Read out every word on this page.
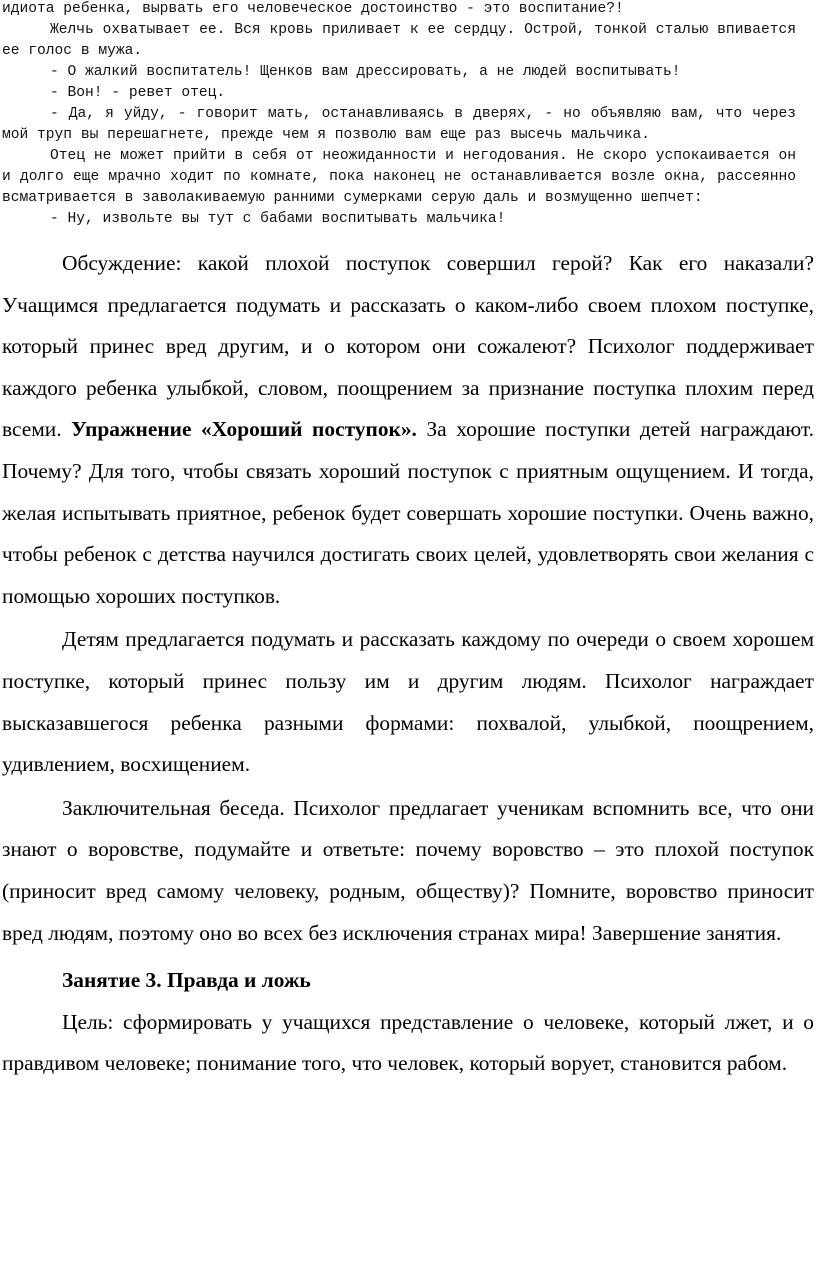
идиота ребенка, вырвать его человеческое достоинство - это воспитание?!

Желчь охватывает ее. Вся кровь приливает к ее сердцу. Острой, тонкой сталью впивается ее голос в мужа.

- О жалкий воспитатель! Щенков вам дрессировать, а не людей воспитывать!

- Вон! - ревет отец.

- Да, я уйду, - говорит мать, останавливаясь в дверях, - но объявляю вам, что через мой труп вы перешагнете, прежде чем я позволю вам еще раз высечь мальчика.

Отец не может прийти в себя от неожиданности и негодования. Не скоро успокаивается он и долго еще мрачно ходит по комнате, пока наконец не останавливается возле окна, рассеянно всматривается в заволакиваемую ранними сумерками серую даль и возмущенно шепчет:

- Ну, извольте вы тут с бабами воспитывать мальчика!

Обсуждение: какой плохой поступок совершил герой? Как его наказали? Учащимся предлагается подумать и рассказать о каком-либо своем плохом поступке, который принес вред другим, и о котором они сожалеют? Психолог поддерживает каждого ребенка улыбкой, словом, поощрением за признание поступка плохим перед всеми. Упражнение «Хороший поступок». За хорошие поступки детей награждают. Почему? Для того, чтобы связать хороший поступок с приятным ощущением. И тогда, желая испытывать приятное, ребенок будет совершать хорошие поступки. Очень важно, чтобы ребенок с детства научился достигать своих целей, удовлетворять свои желания с помощью хороших поступков.

Детям предлагается подумать и рассказать каждому по очереди о своем хорошем поступке, который принес пользу им и другим людям. Психолог награждает высказавшегося ребенка разными формами: похвалой, улыбкой, поощрением, удивлением, восхищением.

Заключительная беседа. Психолог предлагает ученикам вспомнить все, что они знают о воровстве, подумайте и ответьте: почему воровство – это плохой поступок (приносит вред самому человеку, родным, обществу)? Помните, воровство приносит вред людям, поэтому оно во всех без исключения странах мира! Завершение занятия.

Занятие 3. Правда и ложь

Цель: сформировать у учащихся представление о человеке, который лжет, и о правдивом человеке; понимание того, что человек, который ворует, становится рабом.
